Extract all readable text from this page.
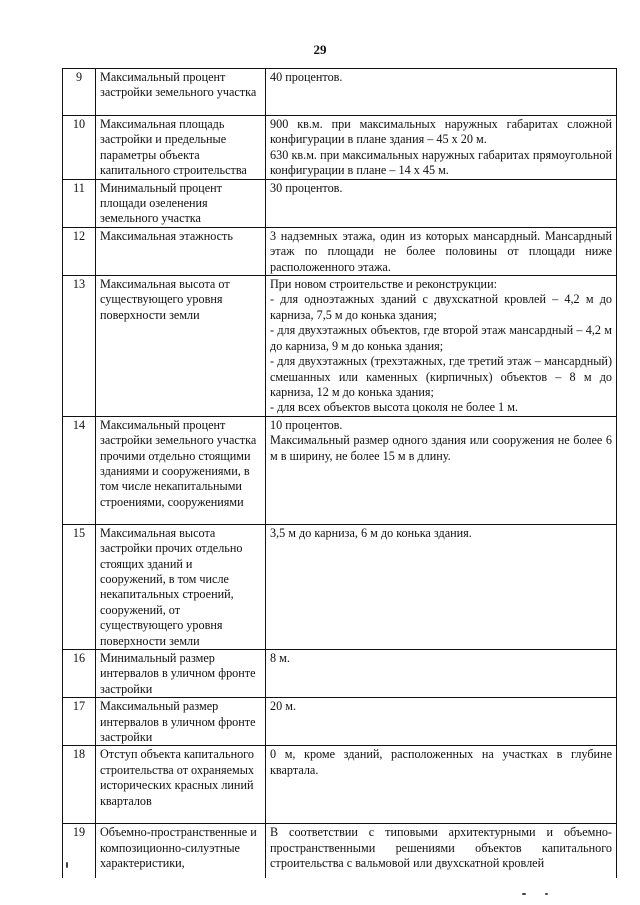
29
9	Максимальный процент застройки земельного участка	40 процентов.

10	Максимальная площадь застройки и предельные параметры объекта капитального строительства	900 кв.м. при максимальных наружных габаритах сложной конфигурации в плане здания – 45 х 20 м.

630 кв.м. при максимальных наружных габаритах прямоугольной конфигурации в плане – 14 х 45 м.

11	Минимальный процент площади озеленения земельного участка	30 процентов.

12	Максимальная этажность	3 надземных этажа, один из которых мансардный. Мансардный этаж по площади не более половины от площади ниже расположенного этажа.

13	Максимальная высота от существующего уровня поверхности земли	При новом строительстве и реконструкции:

- для одноэтажных зданий с двухскатной кровлей – 4,2 м до карниза, 7,5 м до конька здания;

- для двухэтажных объектов, где второй этаж мансардный – 4,2 м до карниза, 9 м до конька здания;

- для двухэтажных (трехэтажных, где третий этаж – мансардный) смешанных или каменных (кирпичных) объектов – 8 м до карниза, 12 м до конька здания;

- для всех объектов высота цоколя не более 1 м.

14	Максимальный процент застройки земельного участка прочими отдельно стоящими зданиями и сооружениями, в том числе некапитальными строениями, сооружениями	10 процентов.

Максимальный размер одного здания или сооружения не более 6 м в ширину, не более 15 м в длину.

15	Максимальная высота застройки прочих отдельно стоящих зданий и сооружений, в том числе некапитальных строений, сооружений, от существующего уровня поверхности земли	3,5 м до карниза, 6 м до конька здания.

16	Минимальный размер интервалов в уличном фронте застройки	8 м.

17	Максимальный размер интервалов в уличном фронте застройки	20 м.

18	Отступ объекта капитального строительства от охраняемых исторических красных линий кварталов	0 м, кроме зданий, расположенных на участках в глубине квартала.

19	Объемно-пространственные и композиционно-силуэтные характеристики,	В соответствии с типовыми архитектурными и объемно-пространственными решениями объектов капитального строительства с вальмовой или двухскатной кровлей
